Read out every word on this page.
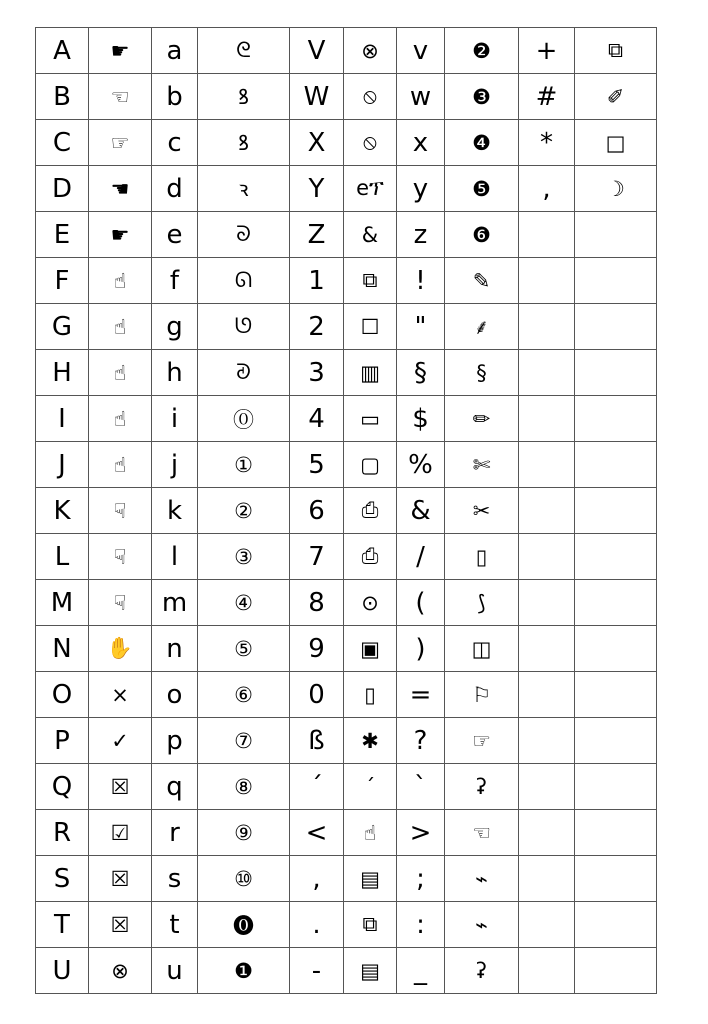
A	☛	a	ᘓ	V	⊗	v	❷	+	⧉
B	☜	b	ꝸ	W	⦸	w	❸	#	✐
C	☞	c	ꝸ	X	⦸	x	❹	*	□
D	☚	d	ꝛ	Y	eፕ	y	❺	,	☽
E	☛	e	ᘐ	Z	&	z	❻		
F	☝	f	ᘏ	1	⧉	!	✎		
G	☝	g	ᘎ	2	☐	"	⸙		
H	☝	h	ᘑ	3	▥	§	§		
I	☝	i	⓪	4	▭	$	✏		
J	☝	j	①	5	▢	%	✄		
K	☟	k	②	6	⎙	&	✂		
L	☟	l	③	7	⎙	/	▯		
M	☟	m	④	8	⊙	(	⟆		
N	✋	n	⑤	9	▣	)	◫		
O	×	o	⑥	0	▯	=	⚐		
P	✓	p	⑦	ß	✱	?	☞		
Q	☒	q	⑧	´	ˊ	`	ʡ		
R	☑	r	⑨	<	☝	>	☜		
S	☒	s	⑩	,	▤	;	⌁		
T	☒	t	⓿	.	⧉	:	⌁		
U	⊗	u	❶	-	▤	_	ʡ		
